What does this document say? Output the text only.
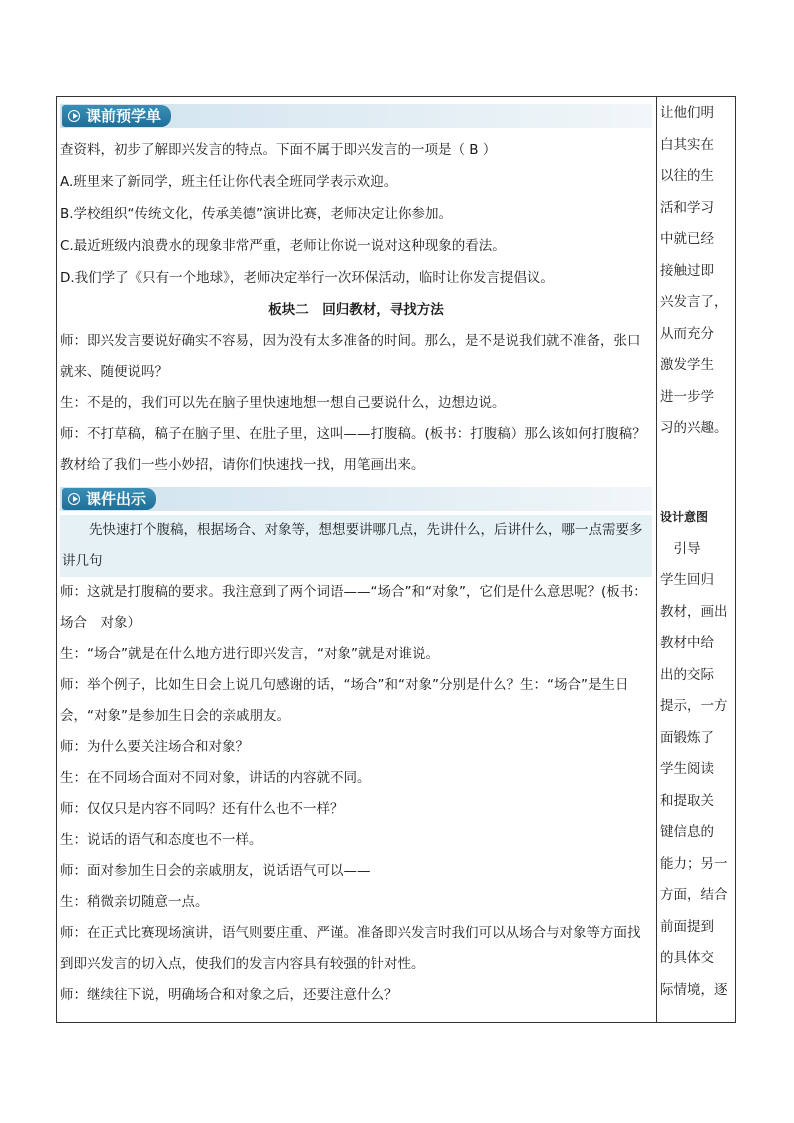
课前预学单
查资料，初步了解即兴发言的特点。下面不属于即兴发言的一项是（ B ）
A.班里来了新同学，班主任让你代表全班同学表示欢迎。
B.学校组织“传统文化，传承美德”演讲比赛，老师决定让你参加。
C.最近班级内浪费水的现象非常严重，老师让你说一说对这种现象的看法。
D.我们学了《只有一个地球》，老师决定举行一次环保活动，临时让你发言提倡议。
板块二　回归教材，寻找方法
师：即兴发言要说好确实不容易，因为没有太多准备的时间。那么，是不是说我们就不准备，张口就来、随便说吗？
生：不是的，我们可以先在脑子里快速地想一想自己要说什么，边想边说。
师：不打草稿，稿子在脑子里、在肚子里，这叫——打腹稿。(板书：打腹稿）那么该如何打腹稿？教材给了我们一些小妙招，请你们快速找一找，用笔画出来。
课件出示
先快速打个腹稿，根据场合、对象等，想想要讲哪几点，先讲什么，后讲什么，哪一点需要多讲几句
师：这就是打腹稿的要求。我注意到了两个词语——“场合”和“对象”，它们是什么意思呢？(板书：场合　对象）
生：“场合”就是在什么地方进行即兴发言，“对象”就是对谁说。
师：举个例子，比如生日会上说几句感谢的话，“场合”和“对象”分别是什么？生：“场合”是生日会，“对象”是参加生日会的亲戚朋友。
师：为什么要关注场合和对象？
生：在不同场合面对不同对象，讲话的内容就不同。
师：仅仅只是内容不同吗？还有什么也不一样？
生：说话的语气和态度也不一样。
师：面对参加生日会的亲戚朋友，说话语气可以——
生：稍微亲切随意一点。
师：在正式比赛现场演讲，语气则要庄重、严谨。准备即兴发言时我们可以从场合与对象等方面找到即兴发言的切入点，使我们的发言内容具有较强的针对性。
师：继续往下说，明确场合和对象之后，还要注意什么？
让他们明
白其实在
以往的生
活和学习
中就已经
接触过即
兴发言了，
从而充分
激发学生
进一步学
习的兴趣。
设计意图
　引导
学生回归
教材，画出
教材中给
出的交际
提示，一方
面锻炼了
学生阅读
和提取关
键信息的
能力；另一
方面，结合
前面提到
的具体交
际情境，逐
